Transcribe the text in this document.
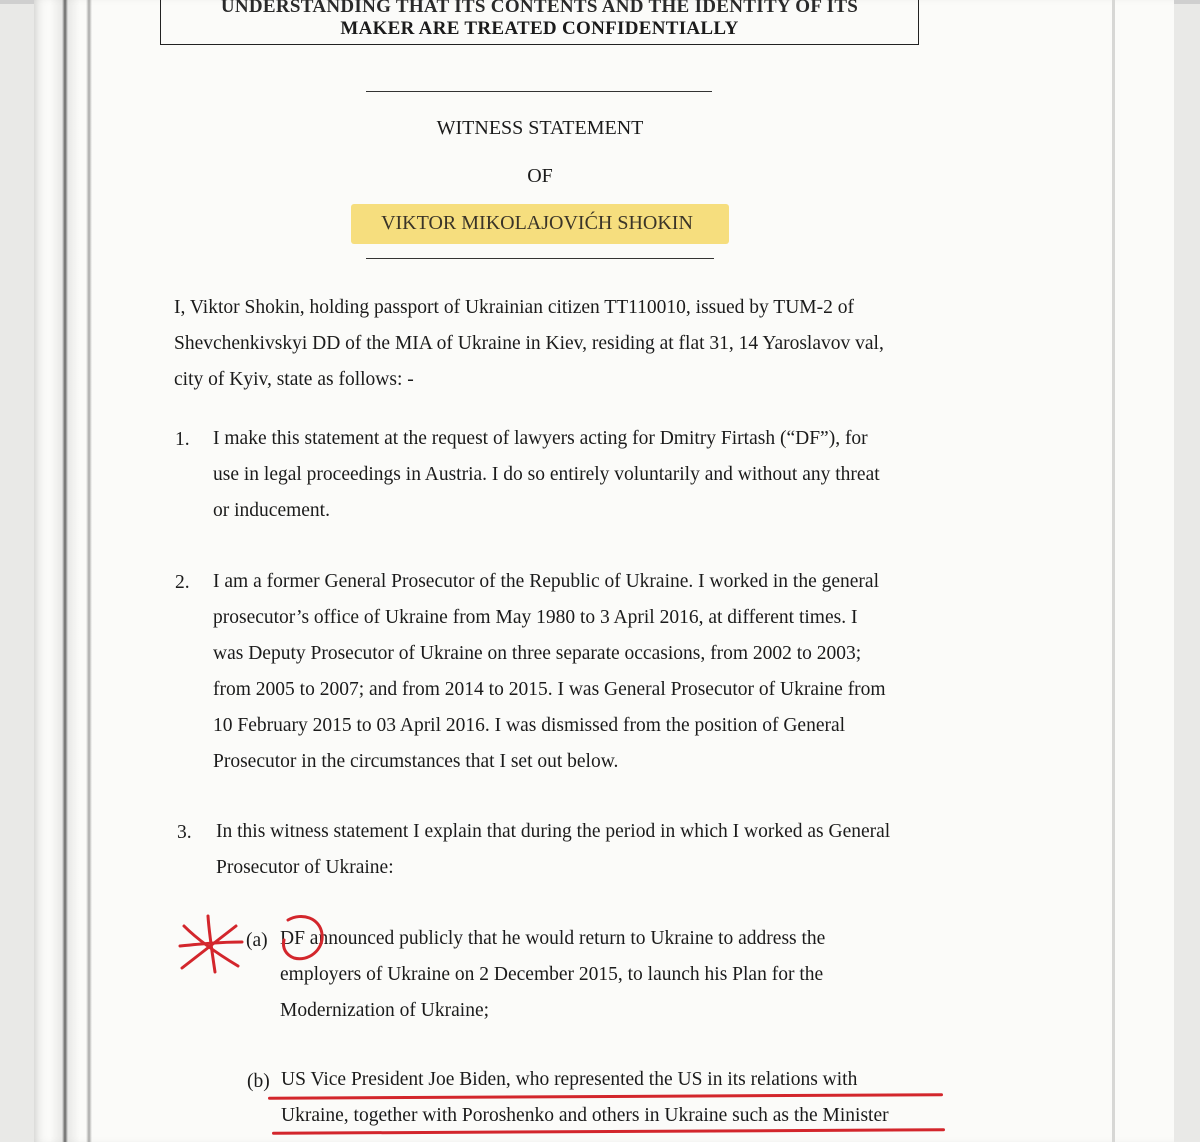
UNDERSTANDING THAT ITS CONTENTS AND THE IDENTITY OF ITS
MAKER ARE TREATED CONFIDENTIALLY
WITNESS STATEMENT
OF
VIKTOR MIKOLAJOVIĆH SHOKIN
I, Viktor Shokin, holding passport of Ukrainian citizen TT110010, issued by TUM-2 of
Shevchenkivskyi DD of the MIA of Ukraine in Kiev, residing at flat 31, 14 Yaroslavov val,
city of Kyiv, state as follows: -
1. I make this statement at the request of lawyers acting for Dmitry Firtash (“DF”), for
use in legal proceedings in Austria. I do so entirely voluntarily and without any threat
or inducement.
2. I am a former General Prosecutor of the Republic of Ukraine. I worked in the general
prosecutor’s office of Ukraine from May 1980 to 3 April 2016, at different times. I
was Deputy Prosecutor of Ukraine on three separate occasions, from 2002 to 2003;
from 2005 to 2007; and from 2014 to 2015. I was General Prosecutor of Ukraine from
10 February 2015 to 03 April 2016. I was dismissed from the position of General
Prosecutor in the circumstances that I set out below.
3. In this witness statement I explain that during the period in which I worked as General
Prosecutor of Ukraine:
(a) DF announced publicly that he would return to Ukraine to address the
employers of Ukraine on 2 December 2015, to launch his Plan for the
Modernization of Ukraine;
(b) US Vice President Joe Biden, who represented the US in its relations with
Ukraine, together with Poroshenko and others in Ukraine such as the Minister
